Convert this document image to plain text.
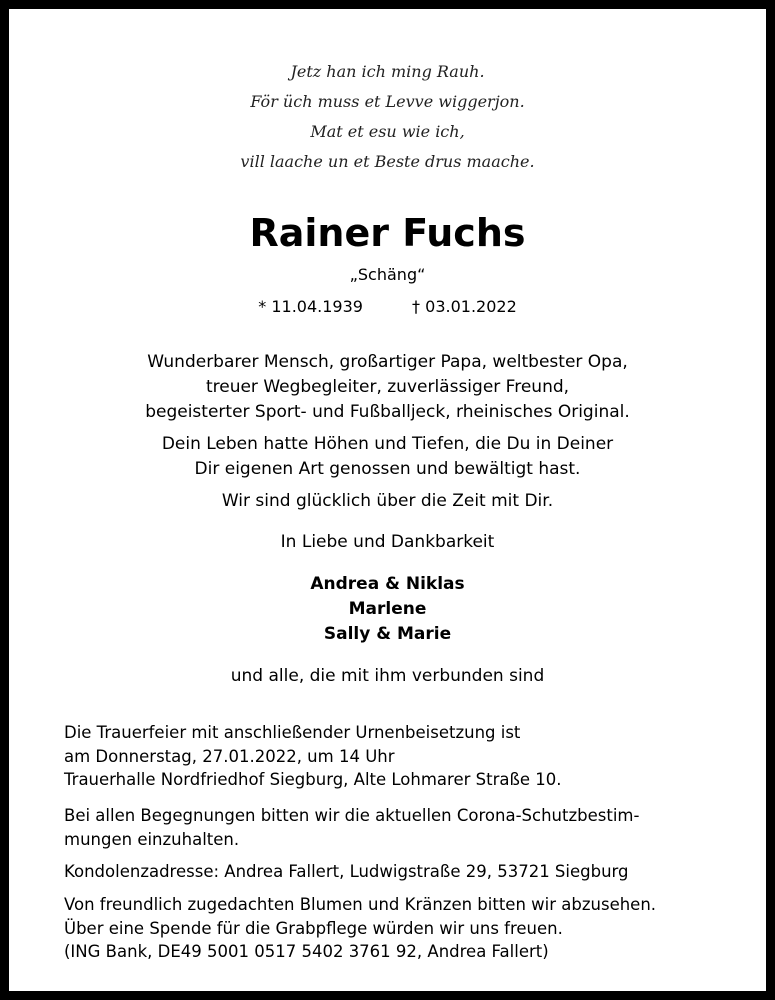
Jetz han ich ming Rauh.
För üch muss et Levve wiggerjon.
Mat et esu wie ich,
vill laache un et Beste drus maache.
Rainer Fuchs
„Schäng“
* 11.04.1939	† 03.01.2022
Wunderbarer Mensch, großartiger Papa, weltbester Opa,
treuer Wegbegleiter, zuverlässiger Freund,
begeisterter Sport- und Fußballjeck, rheinisches Original.
Dein Leben hatte Höhen und Tiefen, die Du in Deiner
Dir eigenen Art genossen und bewältigt hast.
Wir sind glücklich über die Zeit mit Dir.
In Liebe und Dankbarkeit
Andrea & Niklas
Marlene
Sally & Marie
und alle, die mit ihm verbunden sind
Die Trauerfeier mit anschließender Urnenbeisetzung ist
am Donnerstag, 27.01.2022, um 14 Uhr
Trauerhalle Nordfriedhof Siegburg, Alte Lohmarer Straße 10.
Bei allen Begegnungen bitten wir die aktuellen Corona-Schutzbestim-
mungen einzuhalten.
Kondolenzadresse: Andrea Fallert, Ludwigstraße 29, 53721 Siegburg
Von freundlich zugedachten Blumen und Kränzen bitten wir abzusehen.
Über eine Spende für die Grabpflege würden wir uns freuen.
(ING Bank, DE49 5001 0517 5402 3761 92, Andrea Fallert)
